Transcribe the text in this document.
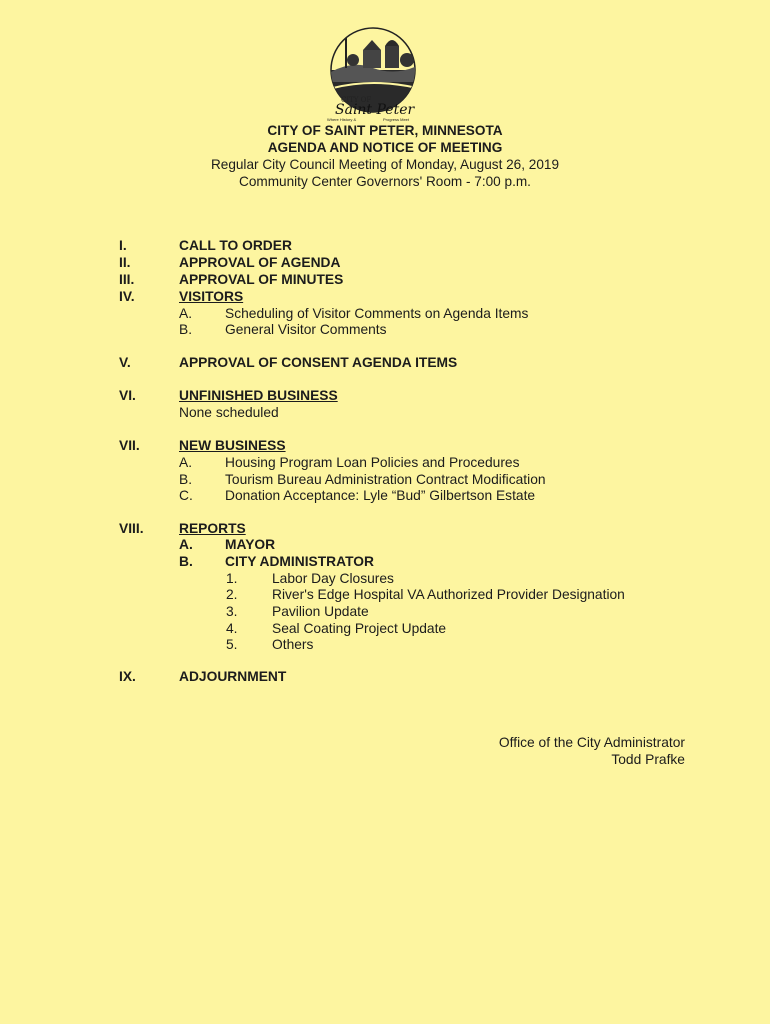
CITY OF
Saint Peter
Where History &	Progress Meet
CITY OF SAINT PETER, MINNESOTA
AGENDA AND NOTICE OF MEETING
Regular City Council Meeting of Monday, August 26, 2019
Community Center Governors' Room - 7:00 p.m.
I.	CALL TO ORDER
II.	APPROVAL OF AGENDA
III.	APPROVAL OF MINUTES
IV.	VISITORS
A. Scheduling of Visitor Comments on Agenda Items
B. General Visitor Comments
V.	APPROVAL OF CONSENT AGENDA ITEMS
VI.	UNFINISHED BUSINESS
None scheduled
VII.	NEW BUSINESS
A. Housing Program Loan Policies and Procedures
B. Tourism Bureau Administration Contract Modification
C. Donation Acceptance: Lyle “Bud” Gilbertson Estate
VIII.	REPORTS
A. MAYOR
B. CITY ADMINISTRATOR
1. Labor Day Closures
2. River's Edge Hospital VA Authorized Provider Designation
3. Pavilion Update
4. Seal Coating Project Update
5. Others
IX.	ADJOURNMENT
Office of the City Administrator
Todd Prafke
